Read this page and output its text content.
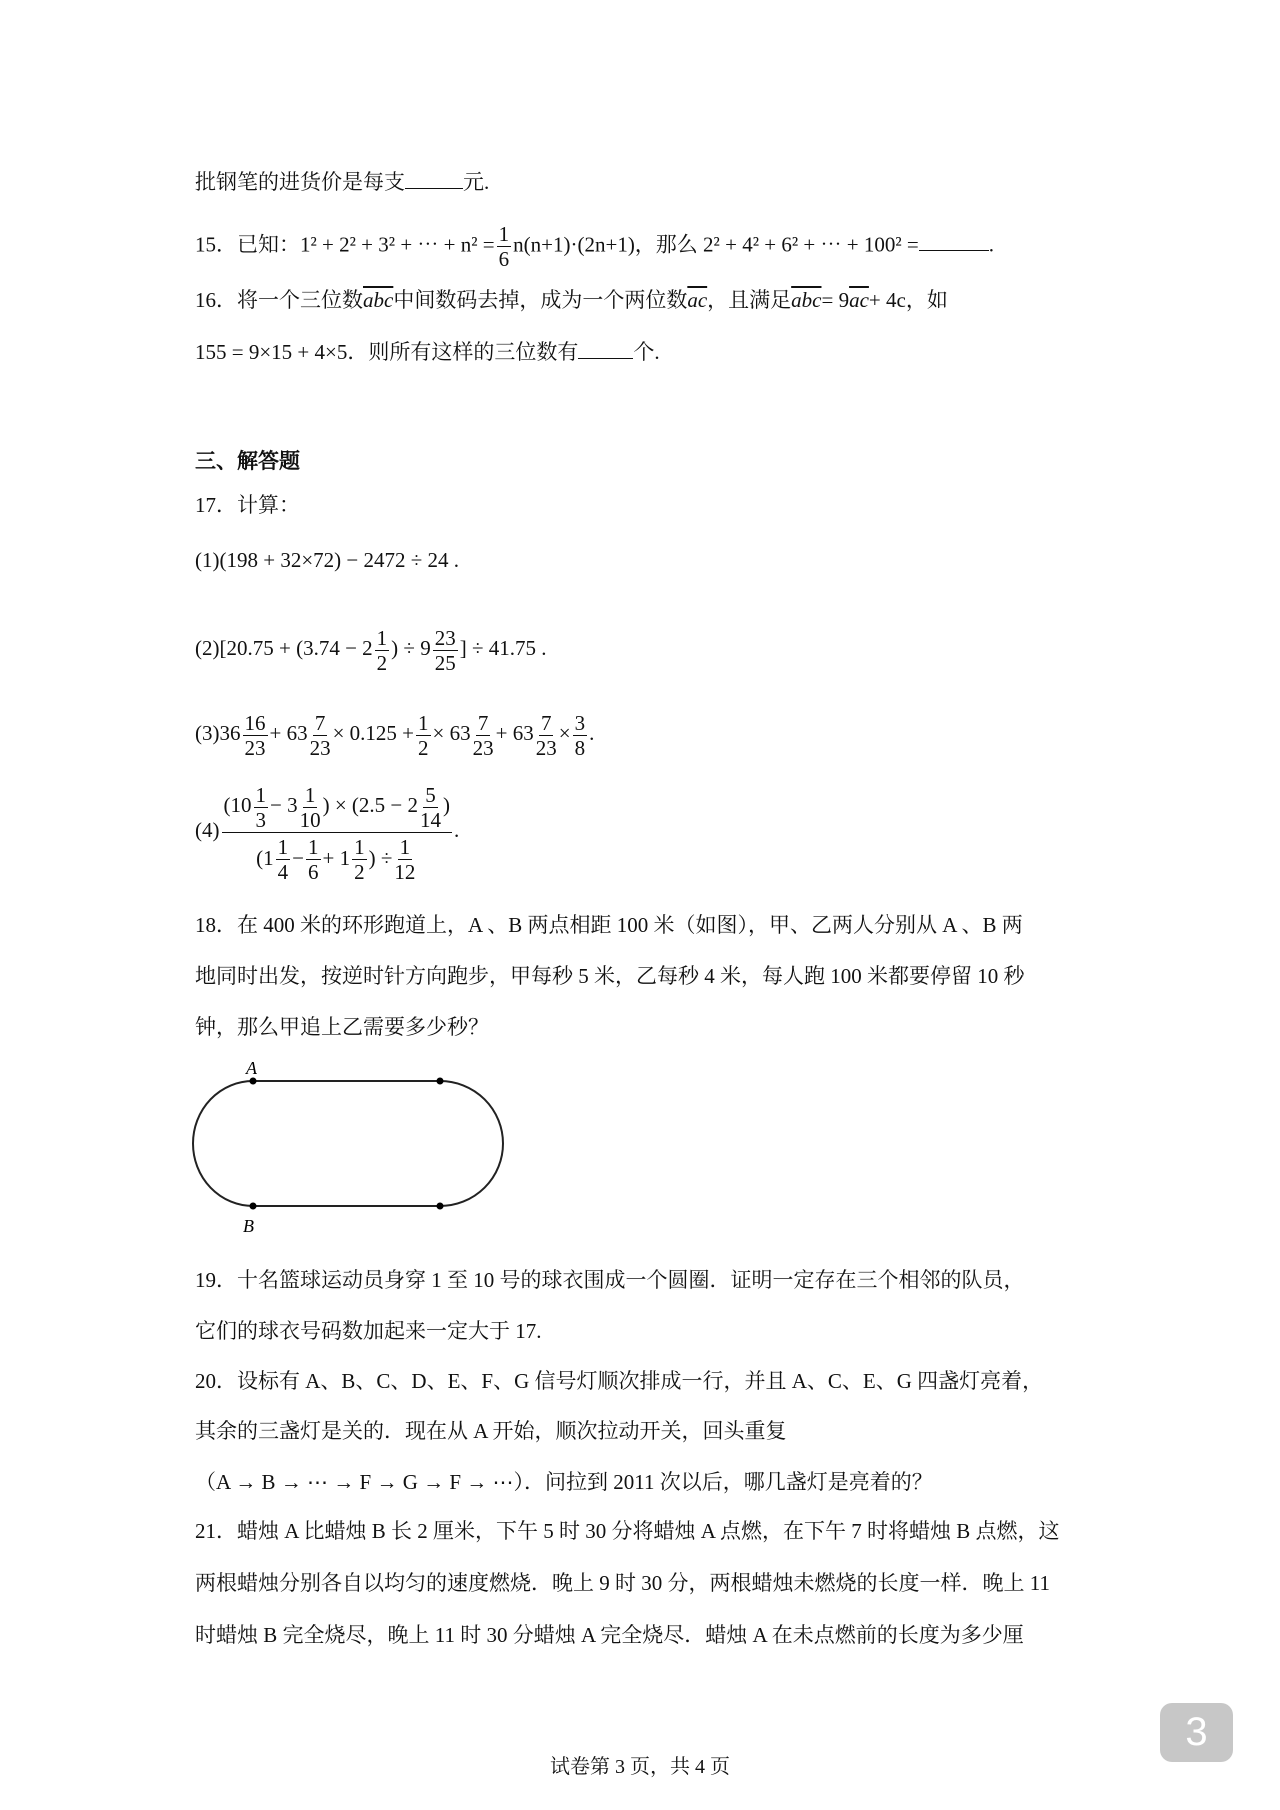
批钢笔的进货价是每支	元.
15．已知：1² + 2² + 3² + ⋯ + $n^2 = \frac{1}{6} n(n+1)\cdot(2n+1)$，那么 2² + 4² + 6² + ⋯ + 100² =	.
16．将一个三位数$\overline{abc}$中间数码去掉，成为一个两位数$\overline{ac}$，且满足$\overline{abc}= 9\overline{ac}+ 4c$，如
155 = 9×15 + 4×5．则所有这样的三位数有	个.
三、解答题
17．计算：
(1)(198 + 32×72) − 2472 ÷ 24 .
$(2)[20.75 + (3.74 - 2 \frac{1}{2}$ ) ÷ $9 \frac{23}{25}$ ] ÷ 41.75 .
$(3)36 \frac{16}{23} + 63 \frac{7}{23} \times 0.125 + \frac{1}{2} \times 63 \frac{7}{23} + 63 \frac{7}{23} \times \frac{3}{8}$ .
$(4) \frac{(10 \frac{1}{3} - 3 \frac{1}{10} ) \times (2.5 - 2 \frac{5}{14} )}{(1 \frac{1}{4} - \frac{1}{6} + 1 \frac{1}{2} ) \div \frac{1}{12}}$ .
18．在 400 米的环形跑道上，A 、B 两点相距 100 米（如图），甲、乙两人分别从 A 、B 两
地同时出发，按逆时针方向跑步，甲每秒 5 米，乙每秒 4 米，每人跑 100 米都要停留 10 秒
钟，那么甲追上乙需要多少秒？
A
B
19．十名篮球运动员身穿 1 至 10 号的球衣围成一个圆圈．证明一定存在三个相邻的队员，
它们的球衣号码数加起来一定大于 17.
20．设标有 A、B、C、D、E、F、G 信号灯顺次排成一行，并且 A、C、E、G 四盏灯亮着，
其余的三盏灯是关的．现在从 A 开始，顺次拉动开关，回头重复
（A → B → ⋯ → F → G → F → ⋯）．问拉到 2011 次以后，哪几盏灯是亮着的？
21．蜡烛 A 比蜡烛 B 长 2 厘米，下午 5 时 30 分将蜡烛 A 点燃，在下午 7 时将蜡烛 B 点燃，这
两根蜡烛分别各自以均匀的速度燃烧．晚上 9 时 30 分，两根蜡烛未燃烧的长度一样．晚上 11
时蜡烛 B 完全烧尽，晚上 11 时 30 分蜡烛 A 完全烧尽．蜡烛 A 在未点燃前的长度为多少厘
试卷第 3 页，共 4 页
3
